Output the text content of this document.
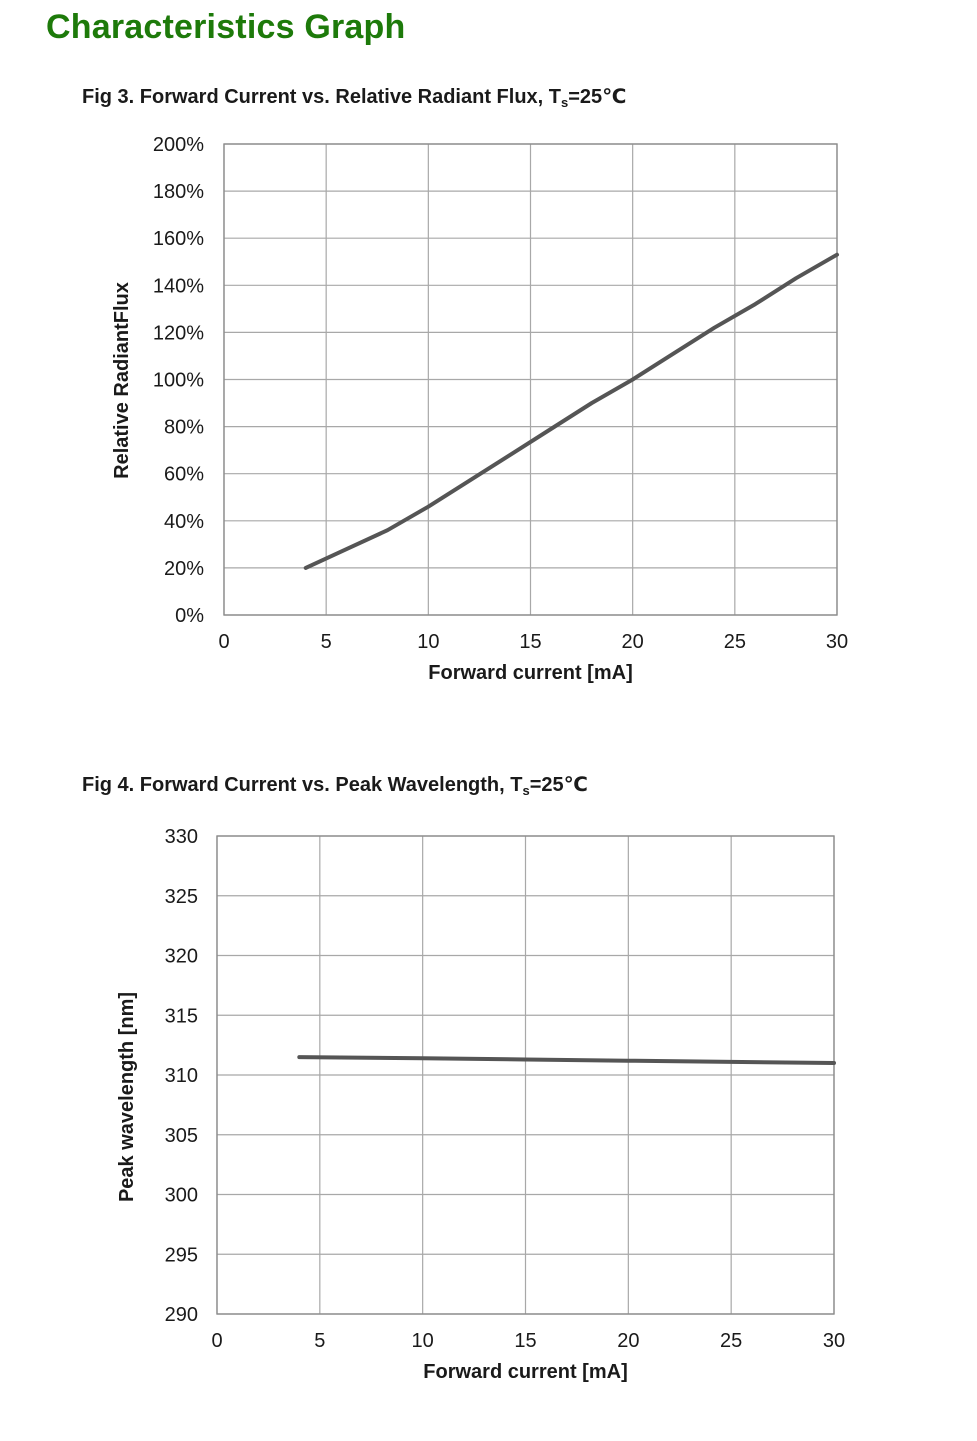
Characteristics Graph
Fig 3. Forward Current vs. Relative Radiant Flux, $T_s=25℃$
0%
20%
40%
60%
80%
100%
120%
140%
160%
180%
200%
0	5	10	15	20	25	30
Forward current [mA]
Relative RadiantFlux
Fig 4. Forward Current vs. Peak Wavelength, $T_s=25℃$
290
295
300
305
310
315
320
325
330
0	5	10	15	20	25	30
Forward current [mA]
Peak wavelength [nm]
